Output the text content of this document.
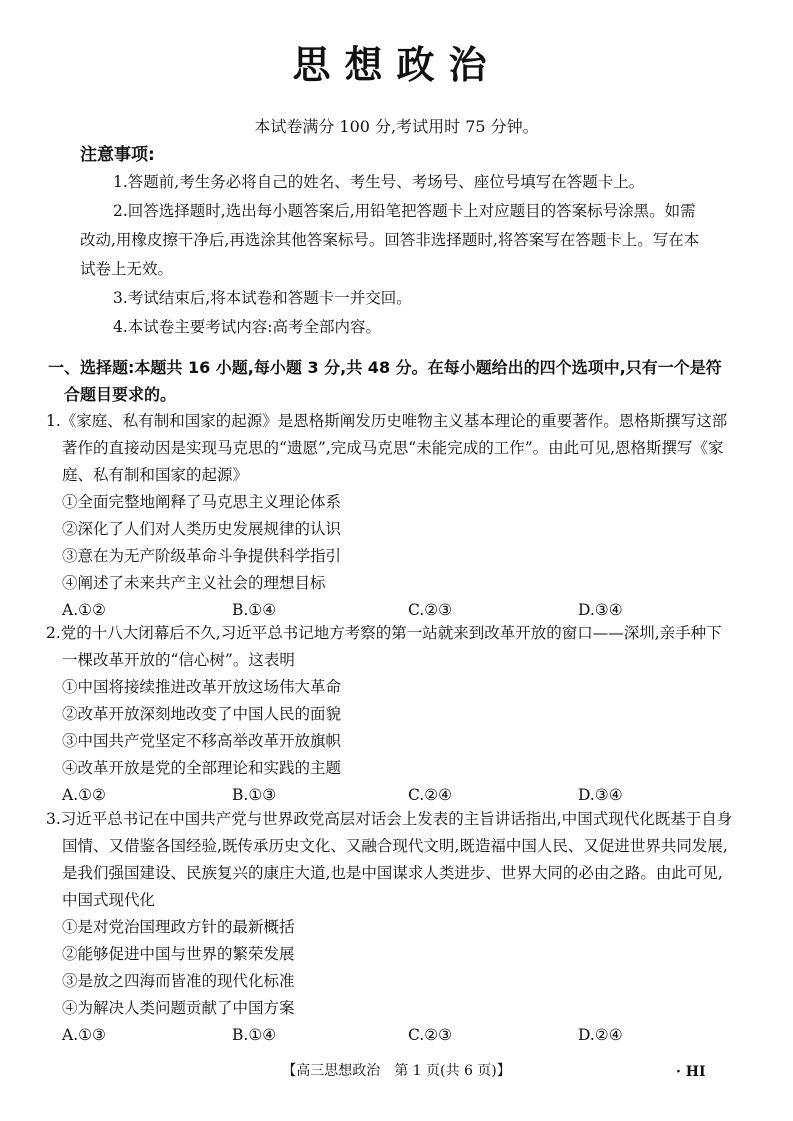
思想政治
本试卷满分 100 分,考试用时 75 分钟。
注意事项:

1.答题前,考生务必将自己的姓名、考生号、考场号、座位号填写在答题卡上。

2.回答选择题时,选出每小题答案后,用铅笔把答题卡上对应题目的答案标号涂黑。如需改动,用橡皮擦干净后,再选涂其他答案标号。回答非选择题时,将答案写在答题卡上。写在本试卷上无效。

3.考试结束后,将本试卷和答题卡一并交回。

4.本试卷主要考试内容:高考全部内容。

一、选择题:本题共 16 小题,每小题 3 分,共 48 分。在每小题给出的四个选项中,只有一个是符
合题目要求的。

1.《家庭、私有制和国家的起源》是恩格斯阐发历史唯物主义基本理论的重要著作。恩格斯撰写这部著作的直接动因是实现马克思的“遗愿”,完成马克思“未能完成的工作”。由此可见,恩格斯撰写《家庭、私有制和国家的起源》

①全面完整地阐释了马克思主义理论体系

②深化了人们对人类历史发展规律的认识

③意在为无产阶级革命斗争提供科学指引

④阐述了未来共产主义社会的理想目标

A.①②	B.①④	C.②③	D.③④

2.党的十八大闭幕后不久,习近平总书记地方考察的第一站就来到改革开放的窗口——深圳,亲手种下一棵改革开放的“信心树”。这表明

①中国将接续推进改革开放这场伟大革命

②改革开放深刻地改变了中国人民的面貌

③中国共产党坚定不移高举改革开放旗帜

④改革开放是党的全部理论和实践的主题

A.①②	B.①③	C.②④	D.③④

3.习近平总书记在中国共产党与世界政党高层对话会上发表的主旨讲话指出,中国式现代化既基于自身国情、又借鉴各国经验,既传承历史文化、又融合现代文明,既造福中国人民、又促进世界共同发展,是我们强国建设、民族复兴的康庄大道,也是中国谋求人类进步、世界大同的必由之路。由此可见,中国式现代化

①是对党治国理政方针的最新概括

②能够促进中国与世界的繁荣发展

③是放之四海而皆准的现代化标准

④为解决人类问题贡献了中国方案

A.①③	B.①④	C.②③	D.②④
【高三思想政治　第 1 页(共 6 页)】	· HI
